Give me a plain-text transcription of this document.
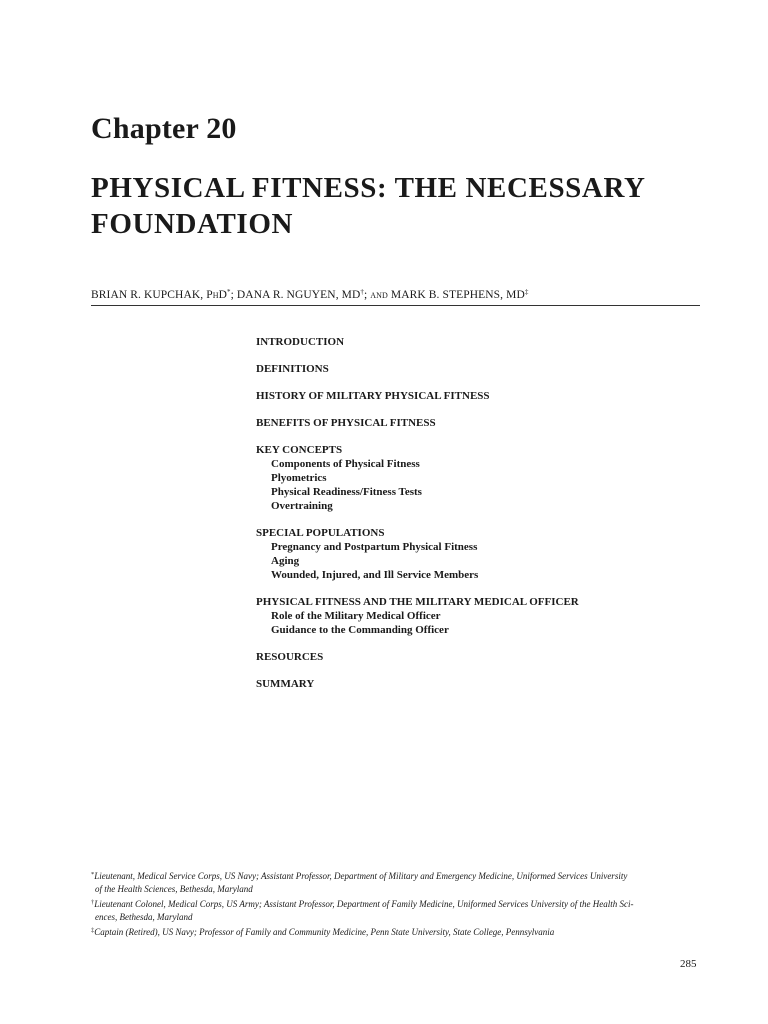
Chapter 20
PHYSICAL FITNESS: THE NECESSARY
FOUNDATION
BRIAN R. KUPCHAK, PhD*; DANA R. NGUYEN, MD†; and MARK B. STEPHENS, MD‡
INTRODUCTION
DEFINITIONS
HISTORY OF MILITARY PHYSICAL FITNESS
BENEFITS OF PHYSICAL FITNESS
KEY CONCEPTS
Components of Physical Fitness
Plyometrics
Physical Readiness/Fitness Tests
Overtraining
SPECIAL POPULATIONS
Pregnancy and Postpartum Physical Fitness
Aging
Wounded, Injured, and Ill Service Members
PHYSICAL FITNESS AND THE MILITARY MEDICAL OFFICER
Role of the Military Medical Officer
Guidance to the Commanding Officer
RESOURCES
SUMMARY
*Lieutenant, Medical Service Corps, US Navy; Assistant Professor, Department of Military and Emergency Medicine, Uniformed Services University
of the Health Sciences, Bethesda, Maryland
†Lieutenant Colonel, Medical Corps, US Army; Assistant Professor, Department of Family Medicine, Uniformed Services University of the Health Sci-
ences, Bethesda, Maryland
‡Captain (Retired), US Navy; Professor of Family and Community Medicine, Penn State University, State College, Pennsylvania
285
